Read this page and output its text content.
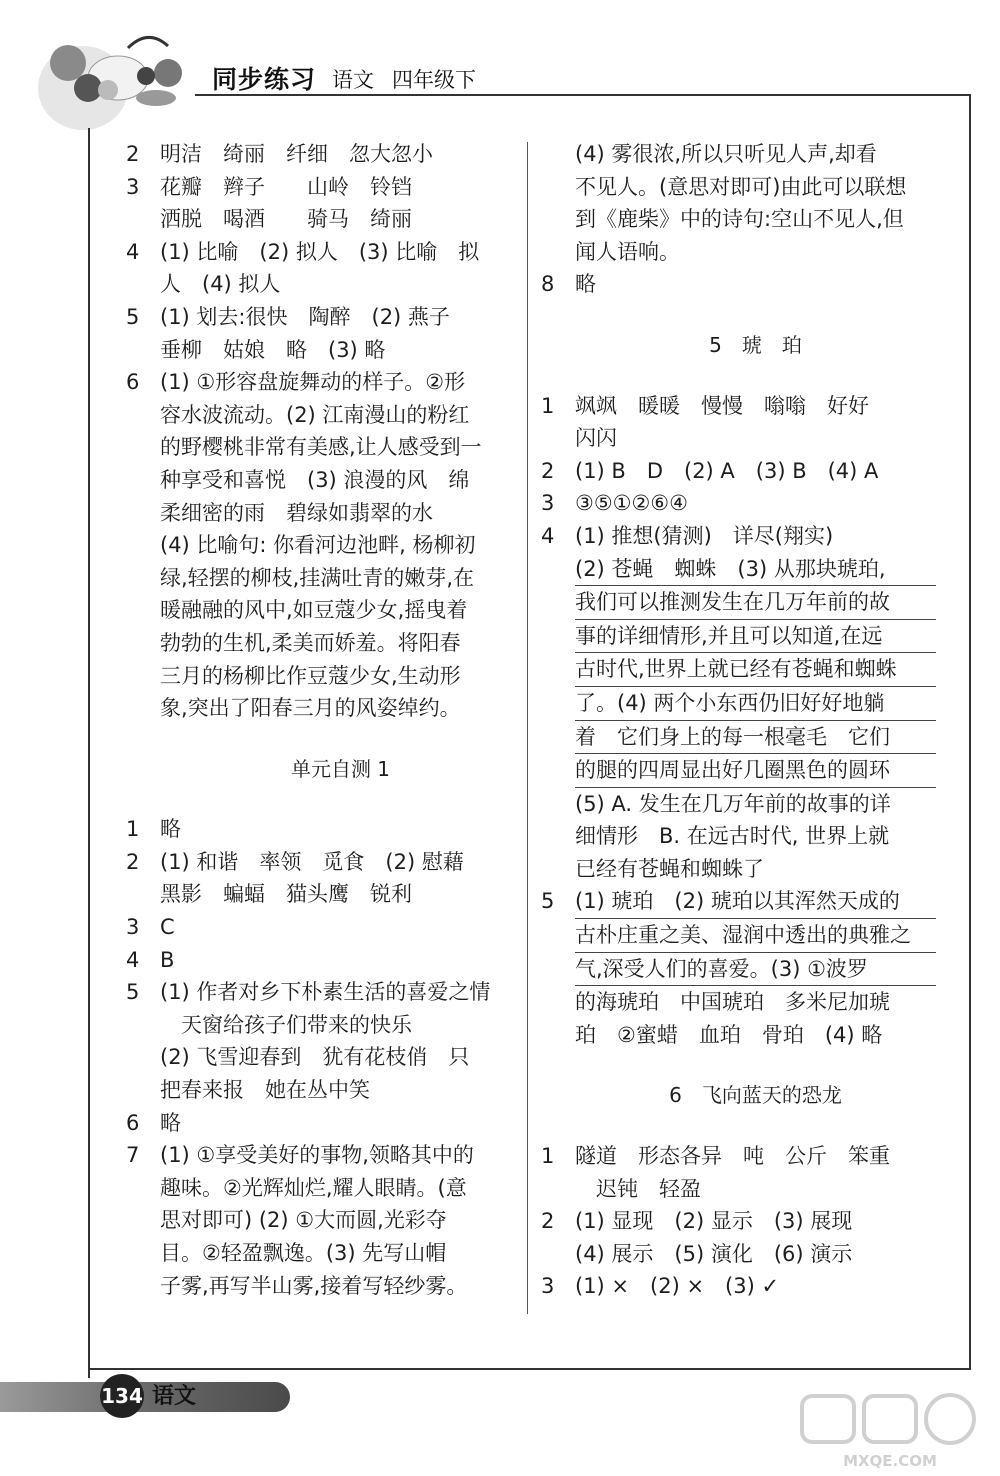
同步练习 语文 四年级下
2 明洁　绮丽　纤细　忽大忽小
3 花瓣　辫子　　山岭　铃铛
洒脱　喝酒　　骑马　绮丽
4 (1) 比喻　(2) 拟人　(3) 比喻　拟
人　(4) 拟人
5 (1) 划去:很快　陶醉　(2) 燕子
垂柳　姑娘　略　(3) 略
6 (1) ①形容盘旋舞动的样子。②形
容水波流动。(2) 江南漫山的粉红
的野樱桃非常有美感,让人感受到一
种享受和喜悦　(3) 浪漫的风　绵
柔细密的雨　碧绿如翡翠的水
(4) 比喻句: 你看河边池畔, 杨柳初
绿,轻摆的柳枝,挂满吐青的嫩芽,在
暖融融的风中,如豆蔻少女,摇曳着
勃勃的生机,柔美而娇羞。将阳春
三月的杨柳比作豆蔻少女,生动形
象,突出了阳春三月的风姿绰约。
单元自测 1
1 略
2 (1) 和谐　率领　觅食　(2) 慰藉
黑影　蝙蝠　猫头鹰　锐利
3 C
4 B
5 (1) 作者对乡下朴素生活的喜爱之情
　天窗给孩子们带来的快乐
(2) 飞雪迎春到　犹有花枝俏　只
把春来报　她在丛中笑
6 略
7 (1) ①享受美好的事物,领略其中的
趣味。②光辉灿烂,耀人眼睛。(意
思对即可) (2) ①大而圆,光彩夺
目。②轻盈飘逸。(3) 先写山帽
子雾,再写半山雾,接着写轻纱雾。
(4) 雾很浓,所以只听见人声,却看
不见人。(意思对即可)由此可以联想
到《鹿柴》中的诗句:空山不见人,但
闻人语响。
8 略
5　琥　珀
1 飒飒　暖暖　慢慢　嗡嗡　好好
闪闪
2 (1) B　D　(2) A　(3) B　(4) A
3 ③⑤①②⑥④
4 (1) 推想(猜测)　详尽(翔实)
(2) 苍蝇　蜘蛛　(3) 从那块琥珀,
我们可以推测发生在几万年前的故
事的详细情形,并且可以知道,在远
古时代,世界上就已经有苍蝇和蜘蛛
了。(4) 两个小东西仍旧好好地躺
着　它们身上的每一根毫毛　它们
的腿的四周显出好几圈黑色的圆环
(5) A. 发生在几万年前的故事的详
细情形　B. 在远古时代, 世界上就
已经有苍蝇和蜘蛛了
5 (1) 琥珀　(2) 琥珀以其浑然天成的
古朴庄重之美、湿润中透出的典雅之
气,深受人们的喜爱。(3) ①波罗
的海琥珀　中国琥珀　多米尼加琥
珀　②蜜蜡　血珀　骨珀　(4) 略
6　飞向蓝天的恐龙
1 隧道　形态各异　吨　公斤　笨重
　迟钝　轻盈
2 (1) 显现　(2) 显示　(3) 展现
(4) 展示　(5) 演化　(6) 演示
3 (1) ×　(2) ×　(3) ✓
134 语文
MXQE.COM
